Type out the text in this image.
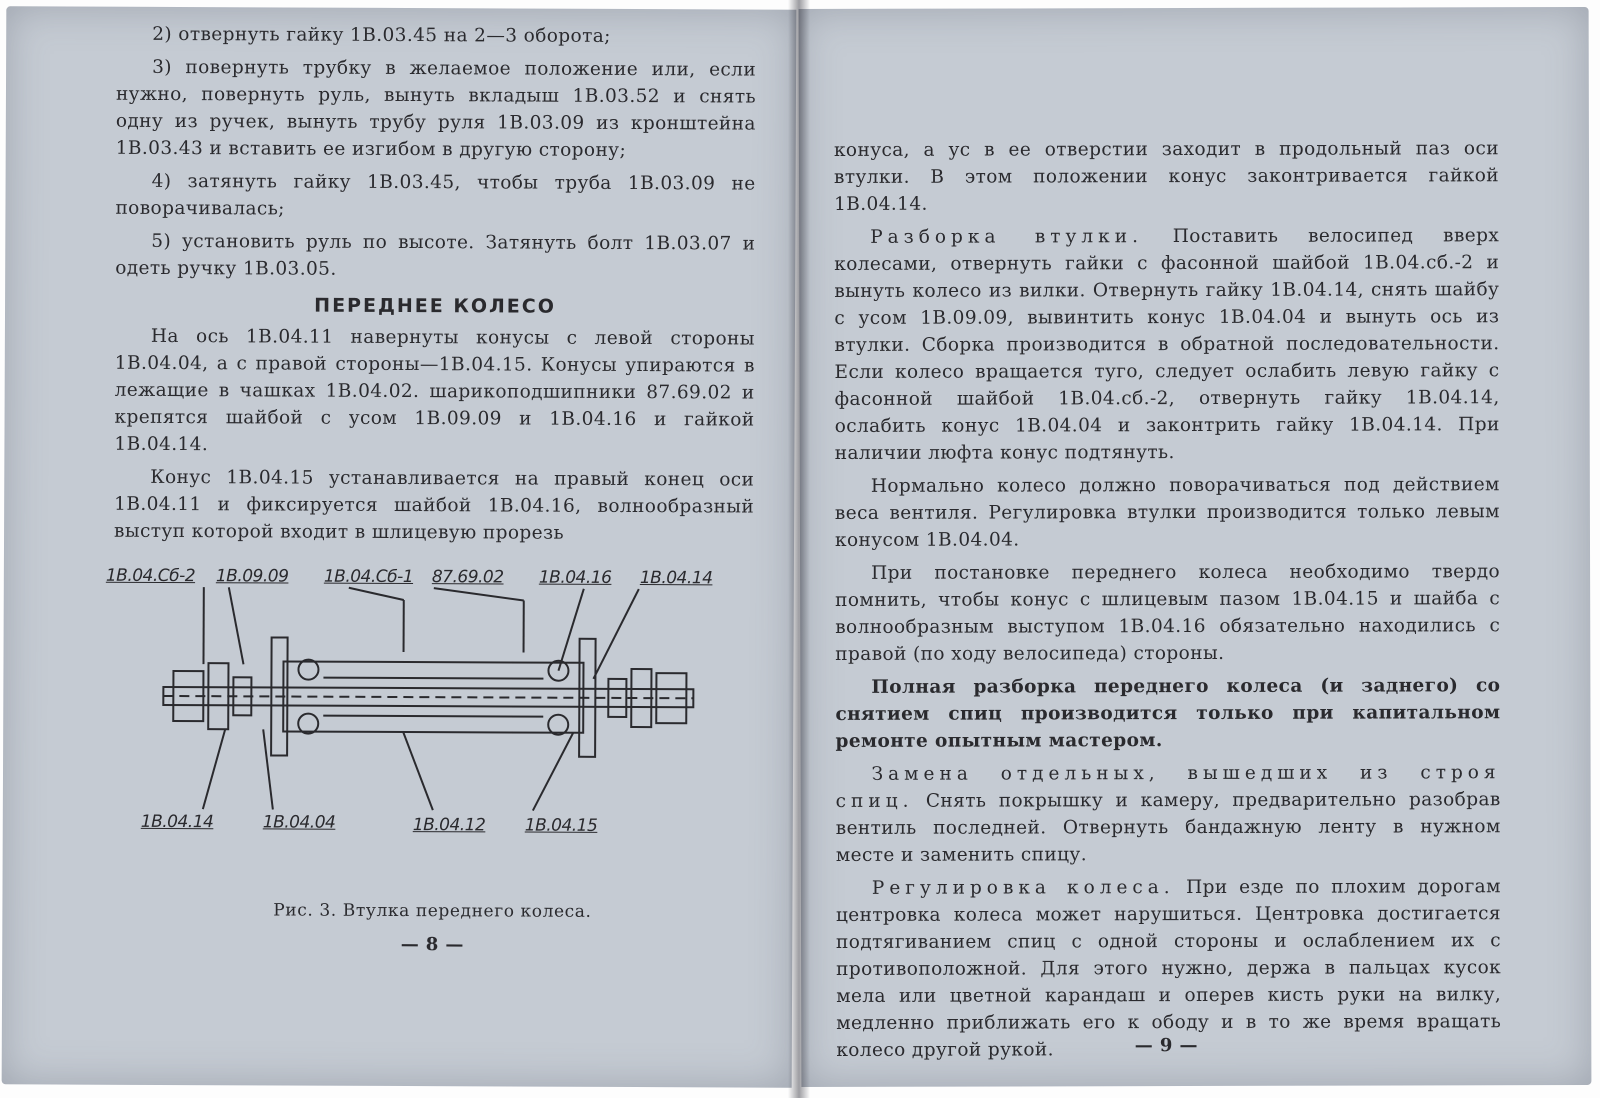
2) отвернуть гайку 1В.03.45 на 2—3 оборота;

3) повернуть трубку в желаемое положение или, если нужно, повернуть руль, вынуть вкладыш 1В.03.52 и снять одну из ручек, вынуть трубу руля 1В.03.09 из кронштейна 1В.03.43 и вставить ее изгибом в другую сторону;

4) затянуть гайку 1В.03.45, чтобы труба 1В.03.09 не поворачивалась;

5) установить руль по высоте. Затянуть болт 1В.03.07 и одеть ручку 1В.03.05.

ПЕРЕДНЕЕ КОЛЕСО

На ось 1В.04.11 навернуты конусы с левой стороны 1В.04.04, а с правой стороны—1В.04.15. Конусы упираются в лежащие в чашках 1В.04.02. шарикоподшипники 87.69.02 и крепятся шайбой с усом 1В.09.09 и 1В.04.16 и гайкой 1В.04.14.

Конус 1В.04.15 устанавливается на правый конец оси 1В.04.11 и фиксируется шайбой 1В.04.16, волнообразный выступ которой входит в шлицевую прорезь

1В.04.Сб-2 1В.09.09 1В.04.Сб-1 87.69.02 1В.04.16 1В.04.14
1В.04.14	1В.04.04	1В.04.12 1В.04.15
Рис. 3. Втулка переднего колеса.
— 8 —

конуса, а ус в ее отверстии заходит в продольный паз оси втулки. В этом положении конус законтривается гайкой 1В.04.14.

Разборка втулки. Поставить велосипед вверх колесами, отвернуть гайки с фасонной шайбой 1В.04.сб.-2 и вынуть колесо из вилки. Отвернуть гайку 1В.04.14, снять шайбу с усом 1В.09.09, вывинтить конус 1В.04.04 и вынуть ось из втулки. Сборка производится в обратной последовательности. Если колесо вращается туго, следует ослабить левую гайку с фасонной шайбой 1В.04.сб.-2, отвернуть гайку 1В.04.14, ослабить конус 1В.04.04 и законтрить гайку 1В.04.14. При наличии люфта конус подтянуть.

Нормально колесо должно поворачиваться под действием веса вентиля. Регулировка втулки производится только левым конусом 1В.04.04.

При постановке переднего колеса необходимо твердо помнить, чтобы конус с шлицевым пазом 1В.04.15 и шайба с волнообразным выступом 1В.04.16 обязательно находились с правой (по ходу велосипеда) стороны.

Полная разборка переднего колеса (и заднего) со снятием спиц производится только при капитальном ремонте опытным мастером.

Замена отдельных, вышедших из строя спиц. Снять покрышку и камеру, предварительно разобрав вентиль последней. Отвернуть бандажную ленту в нужном месте и заменить спицу.

Регулировка колеса. При езде по плохим дорогам центровка колеса может нарушиться. Центровка достигается подтягиванием спиц с одной стороны и ослаблением их с противоположной. Для этого нужно, держа в пальцах кусок мела или цветной карандаш и оперев кисть руки на вилку, медленно приближать его к ободу и в то же время вращать колесо другой рукой.	— 9 —
